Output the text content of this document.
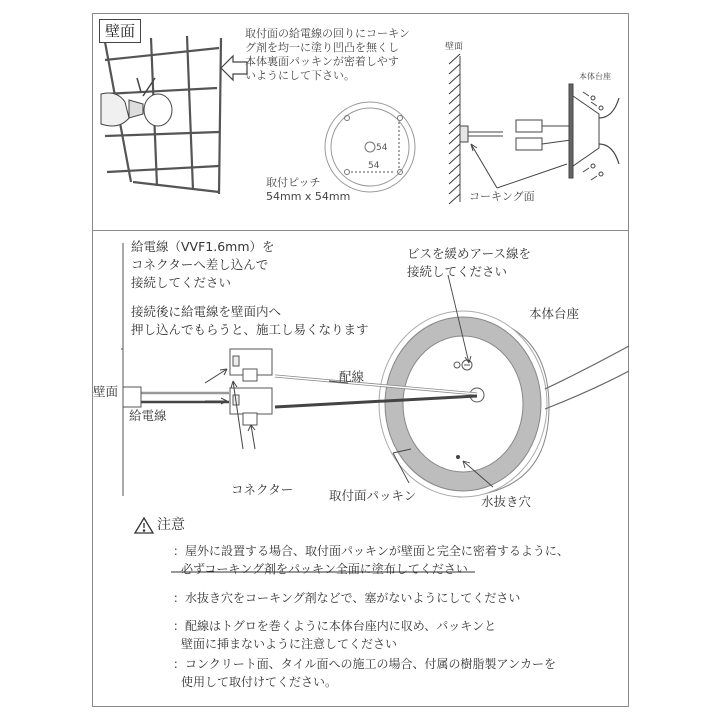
壁面	取付面の給電線の回りにコーキン
グ剤を均一に塗り凹凸を無くし
本体裏面パッキンが密着しやす
いようにして下さい。
54
54
取付ピッチ
54mm x 54mm
壁面
本体台座
コーキング面
給電線（VVF1.6mm）を
コネクターへ差し込んで
接続してください
接続後に給電線を壁面内へ
押し込んでもらうと、施工し易くなります
ビスを緩めアース線を
接続してください
本体台座
配線
壁面
給電線
コネクター	取付面パッキン	水抜き穴
注意
：屋外に設置する場合、取付面パッキンが壁面と完全に密着するように、
必ずコーキング剤をパッキン全面に塗布してください
：水抜き穴をコーキング剤などで、塞がないようにしてください
：配線はトグロを巻くように本体台座内に収め、パッキンと
壁面に挿まないように注意してください
：コンクリート面、タイル面への施工の場合、付属の樹脂製アンカーを
使用して取付けてください。
